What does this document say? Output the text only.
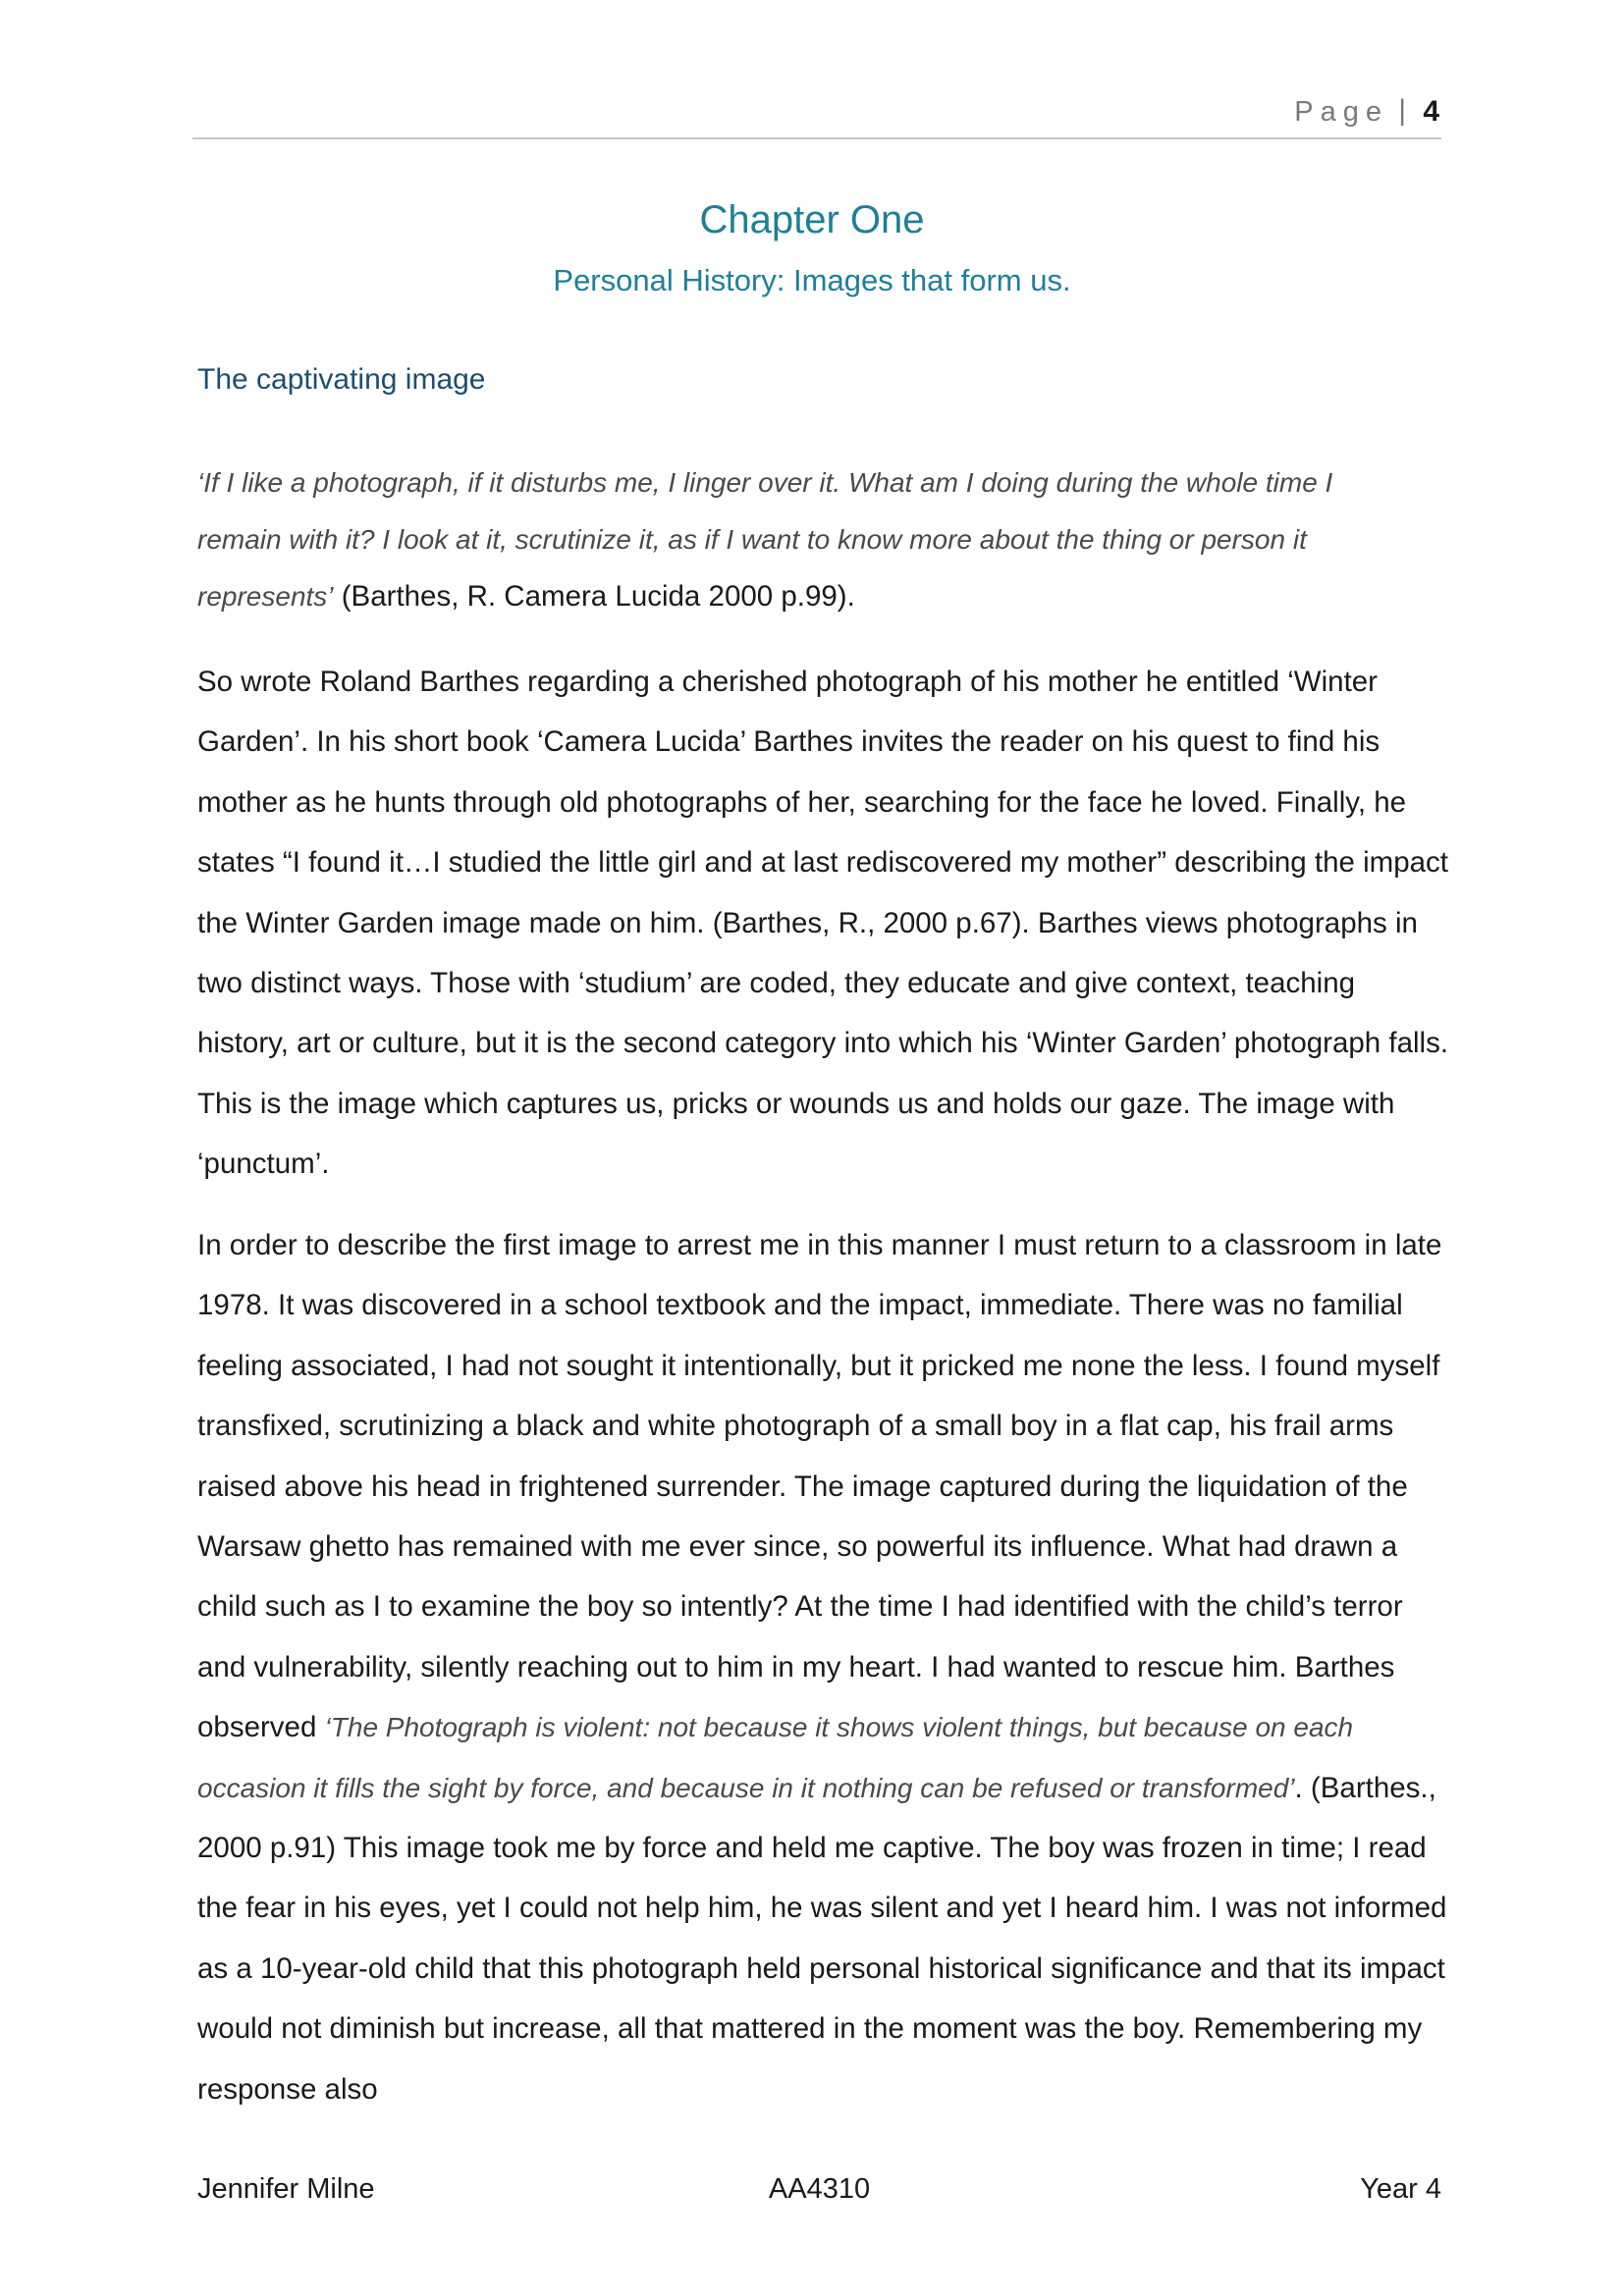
Page | 4
Chapter One
Personal History: Images that form us.
The captivating image
‘If I like a photograph, if it disturbs me, I linger over it. What am I doing during the whole time I
remain with it? I look at it, scrutinize it, as if I want to know more about the thing or person it
represents’ (Barthes, R. Camera Lucida 2000 p.99).

So wrote Roland Barthes regarding a cherished photograph of his mother he entitled ‘Winter Garden’. In his short book ‘Camera Lucida’ Barthes invites the reader on his quest to find his mother as he hunts through old photographs of her, searching for the face he loved. Finally, he states “I found it…I studied the little girl and at last rediscovered my mother” describing the impact the Winter Garden image made on him. (Barthes, R., 2000 p.67). Barthes views photographs in two distinct ways. Those with ‘studium’ are coded, they educate and give context, teaching history, art or culture, but it is the second category into which his ‘Winter Garden’ photograph falls. This is the image which captures us, pricks or wounds us and holds our gaze. The image with ‘punctum’.

In order to describe the first image to arrest me in this manner I must return to a classroom in late 1978. It was discovered in a school textbook and the impact, immediate. There was no familial feeling associated, I had not sought it intentionally, but it pricked me none the less. I found myself transfixed, scrutinizing a black and white photograph of a small boy in a flat cap, his frail arms raised above his head in frightened surrender. The image captured during the liquidation of the Warsaw ghetto has remained with me ever since, so powerful its influence. What had drawn a child such as I to examine the boy so intently? At the time I had identified with the child’s terror and vulnerability, silently reaching out to him in my heart. I had wanted to rescue him. Barthes observed ‘The Photograph is violent: not because it shows violent things, but because on each occasion it fills the sight by force, and because in it nothing can be refused or transformed’. (Barthes., 2000 p.91) This image took me by force and held me captive. The boy was frozen in time; I read the fear in his eyes, yet I could not help him, he was silent and yet I heard him. I was not informed as a 10-year-old child that this photograph held personal historical significance and that its impact would not diminish but increase, all that mattered in the moment was the boy. Remembering my response also

Jennifer Milne	AA4310	Year 4
